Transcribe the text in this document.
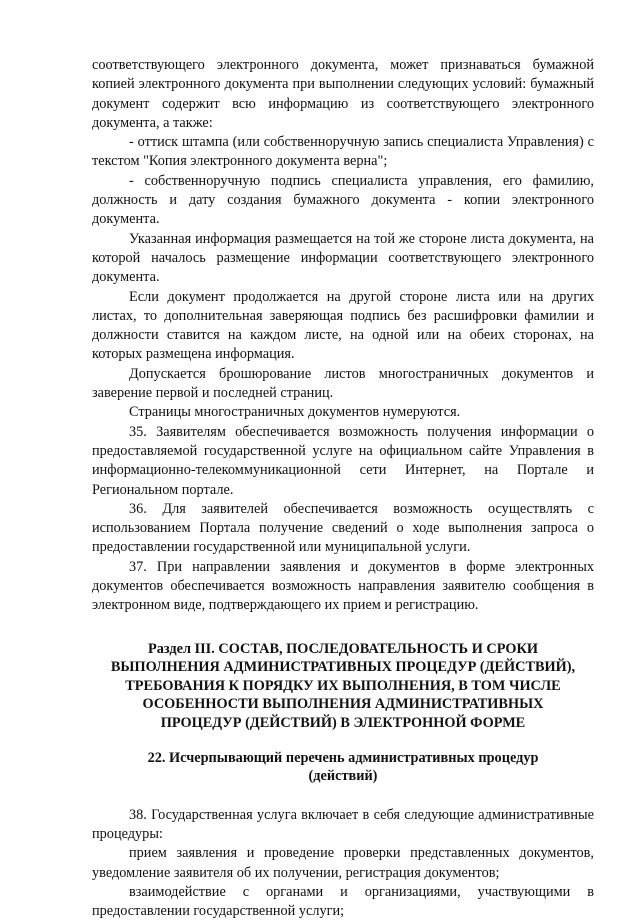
соответствующего электронного документа, может признаваться бумажной копией электронного документа при выполнении следующих условий: бумажный документ содержит всю информацию из соответствующего электронного документа, а также:

- оттиск штампа (или собственноручную запись специалиста Управления) с текстом "Копия электронного документа верна";

- собственноручную подпись специалиста управления, его фамилию, должность и дату создания бумажного документа - копии электронного документа.

Указанная информация размещается на той же стороне листа документа, на которой началось размещение информации соответствующего электронного документа.

Если документ продолжается на другой стороне листа или на других листах, то дополнительная заверяющая подпись без расшифровки фамилии и должности ставится на каждом листе, на одной или на обеих сторонах, на которых размещена информация.

Допускается брошюрование листов многостраничных документов и заверение первой и последней страниц.

Страницы многостраничных документов нумеруются.

35. Заявителям обеспечивается возможность получения информации о предоставляемой государственной услуге на официальном сайте Управления в информационно-телекоммуникационной сети Интернет, на Портале и Региональном портале.

36. Для заявителей обеспечивается возможность осуществлять с использованием Портала получение сведений о ходе выполнения запроса о предоставлении государственной или муниципальной услуги.

37. При направлении заявления и документов в форме электронных документов обеспечивается возможность направления заявителю сообщения в электронном виде, подтверждающего их прием и регистрацию.

Раздел III. СОСТАВ, ПОСЛЕДОВАТЕЛЬНОСТЬ И СРОКИ
ВЫПОЛНЕНИЯ АДМИНИСТРАТИВНЫХ ПРОЦЕДУР (ДЕЙСТВИЙ),
ТРЕБОВАНИЯ К ПОРЯДКУ ИХ ВЫПОЛНЕНИЯ, В ТОМ ЧИСЛЕ
ОСОБЕННОСТИ ВЫПОЛНЕНИЯ АДМИНИСТРАТИВНЫХ
ПРОЦЕДУР (ДЕЙСТВИЙ) В ЭЛЕКТРОННОЙ ФОРМЕ
22. Исчерпывающий перечень административных процедур
(действий)

38. Государственная услуга включает в себя следующие административные процедуры:

прием заявления и проведение проверки представленных документов, уведомление заявителя об их получении, регистрация документов;

взаимодействие с органами и организациями, участвующими в предоставлении государственной услуги;
